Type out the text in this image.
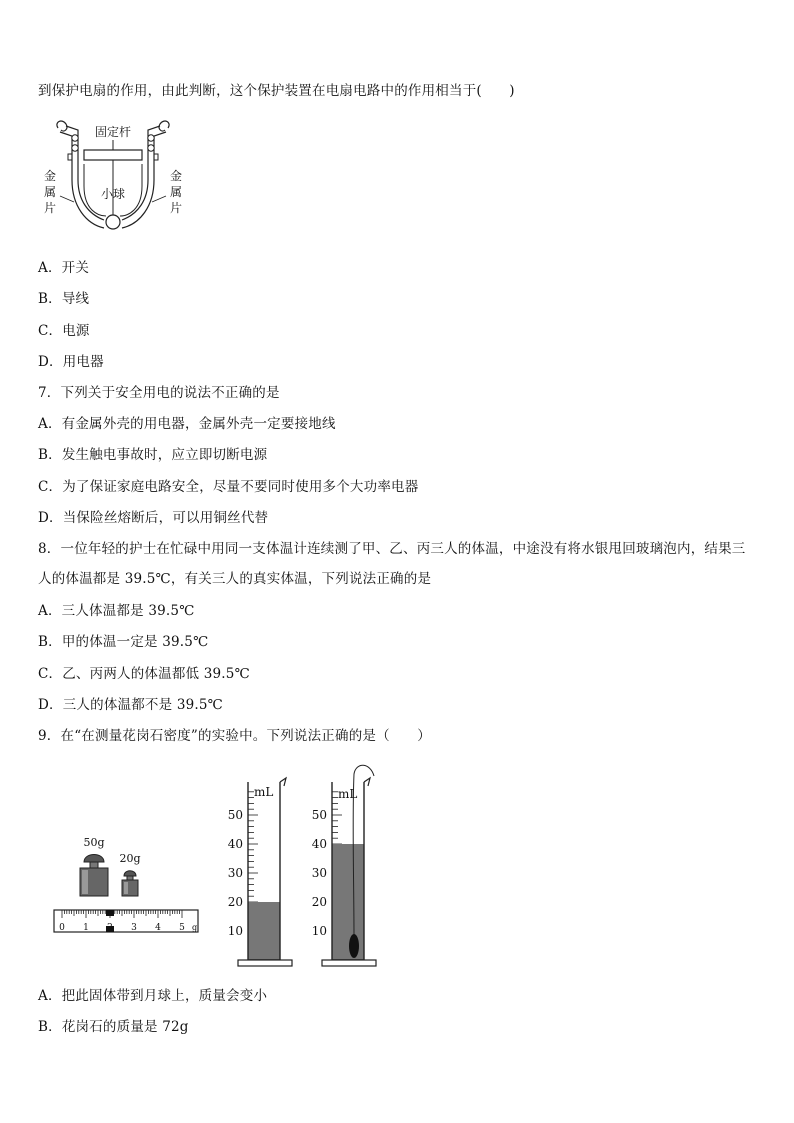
到保护电扇的作用，由此判断，这个保护装置在电扇电路中的作用相当于(　　)
固定杆
小球
金
属
片
金
属
片
A．开关
B．导线
C．电源
D．用电器
7．下列关于安全用电的说法不正确的是
A．有金属外壳的用电器，金属外壳一定要接地线
B．发生触电事故时，应立即切断电源
C．为了保证家庭电路安全，尽量不要同时使用多个大功率电器
D．当保险丝熔断后，可以用铜丝代替
8．一位年轻的护士在忙碌中用同一支体温计连续测了甲、乙、丙三人的体温，中途没有将水银甩回玻璃泡内，结果三
人的体温都是 39.5℃，有关三人的真实体温，下列说法正确的是
A．三人体温都是 39.5℃
B．甲的体温一定是 39.5℃
C．乙、丙两人的体温都低 39.5℃
D．三人的体温都不是 39.5℃
9．在“在测量花岗石密度”的实验中。下列说法正确的是（　　）
50g
20g
0 1	3 4 5 g
50
40
30
20
10
mL
50
40
30
20
10
mL
A．把此固体带到月球上，质量会变小
B．花岗石的质量是 72g
